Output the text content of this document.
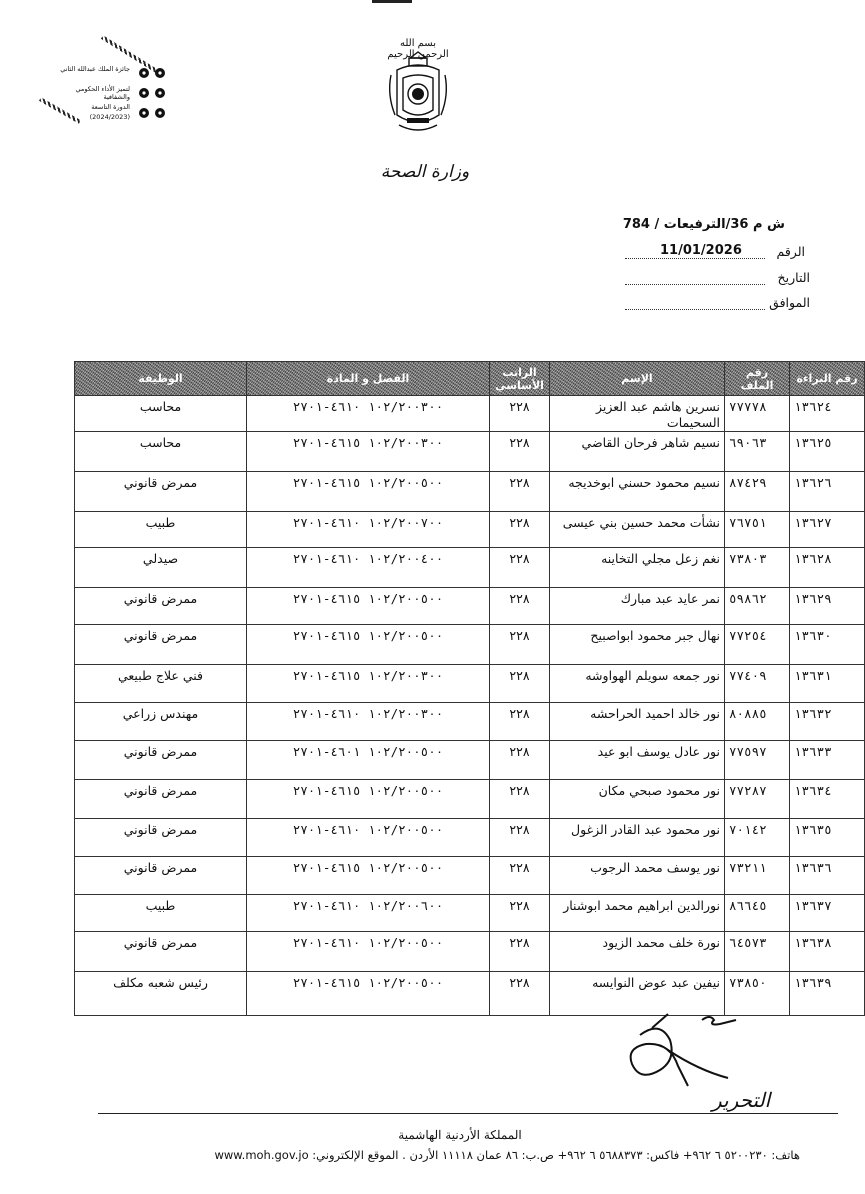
جائزة الملك عبدالله الثاني
لتميز الأداء الحكومي والشفافية
الدورة التاسعة
(2024/2023)
بسم الله الرحمن الرحيم
وزارة الصحة
ش م 36/الترفيعات / 784
الرقم
11/01/2026
التاريخ
الموافق
رقم البراءة	رقم الملف	الإسم	الراتب الأساسي	الفصل و المادة	الوظيفة
١٣٦٢٤	٧٧٧٧٨	نسرين هاشم عبد العزيز السحيمات	٢٢٨	١٠٢/٢٠٠٣٠٠ ٤٦١٠-٢٧٠١	محاسب
١٣٦٢٥	٦٩٠٦٣	نسيم شاهر فرحان القاضي	٢٢٨	١٠٢/٢٠٠٣٠٠ ٤٦١٥-٢٧٠١	محاسب
١٣٦٢٦	٨٧٤٢٩	نسيم محمود حسني ابوخديجه	٢٢٨	١٠٢/٢٠٠٥٠٠ ٤٦١٥-٢٧٠١	ممرض قانوني
١٣٦٢٧	٧٦٧٥١	نشأت محمد حسين بني عيسى	٢٢٨	١٠٢/٢٠٠٧٠٠ ٤٦١٠-٢٧٠١	طبيب
١٣٦٢٨	٧٣٨٠٣	نغم زعل مجلي التخاينه	٢٢٨	١٠٢/٢٠٠٤٠٠ ٤٦١٠-٢٧٠١	صيدلي
١٣٦٢٩	٥٩٨٦٢	نمر عايد عبد مبارك	٢٢٨	١٠٢/٢٠٠٥٠٠ ٤٦١٥-٢٧٠١	ممرض قانوني
١٣٦٣٠	٧٧٢٥٤	نهال جبر محمود ابواصبيح	٢٢٨	١٠٢/٢٠٠٥٠٠ ٤٦١٥-٢٧٠١	ممرض قانوني
١٣٦٣١	٧٧٤٠٩	نور جمعه سويلم الهواوشه	٢٢٨	١٠٢/٢٠٠٣٠٠ ٤٦١٥-٢٧٠١	فني علاج طبيعي
١٣٦٣٢	٨٠٨٨٥	نور خالد احميد الحراحشه	٢٢٨	١٠٢/٢٠٠٣٠٠ ٤٦١٠-٢٧٠١	مهندس زراعي
١٣٦٣٣	٧٧٥٩٧	نور عادل يوسف ابو عيد	٢٢٨	١٠٢/٢٠٠٥٠٠ ٤٦٠١-٢٧٠١	ممرض قانوني
١٣٦٣٤	٧٧٢٨٧	نور محمود صبحي مكان	٢٢٨	١٠٢/٢٠٠٥٠٠ ٤٦١٥-٢٧٠١	ممرض قانوني
١٣٦٣٥	٧٠١٤٢	نور محمود عبد القادر الزغول	٢٢٨	١٠٢/٢٠٠٥٠٠ ٤٦١٠-٢٧٠١	ممرض قانوني
١٣٦٣٦	٧٣٢١١	نور يوسف محمد الرجوب	٢٢٨	١٠٢/٢٠٠٥٠٠ ٤٦١٥-٢٧٠١	ممرض قانوني
١٣٦٣٧	٨٦٦٤٥	نورالدين ابراهيم محمد ابوشنار	٢٢٨	١٠٢/٢٠٠٦٠٠ ٤٦١٠-٢٧٠١	طبيب
١٣٦٣٨	٦٤٥٧٣	نورة خلف محمد الزيود	٢٢٨	١٠٢/٢٠٠٥٠٠ ٤٦١٠-٢٧٠١	ممرض قانوني
١٣٦٣٩	٧٣٨٥٠	نيفين عبد عوض النوايسه	٢٢٨	١٠٢/٢٠٠٥٠٠ ٤٦١٥-٢٧٠١	رئيس شعبه مكلف
التحرير
المملكة الأردنية الهاشمية
هاتف: ٥٢٠٠٢٣٠ ٦ ٩٦٢+ فاكس: ٥٦٨٨٣٧٣ ٦ ٩٦٢+ ص.ب: ٨٦ عمان ١١١١٨ الأردن . الموقع الإلكتروني: www.moh.gov.jo
